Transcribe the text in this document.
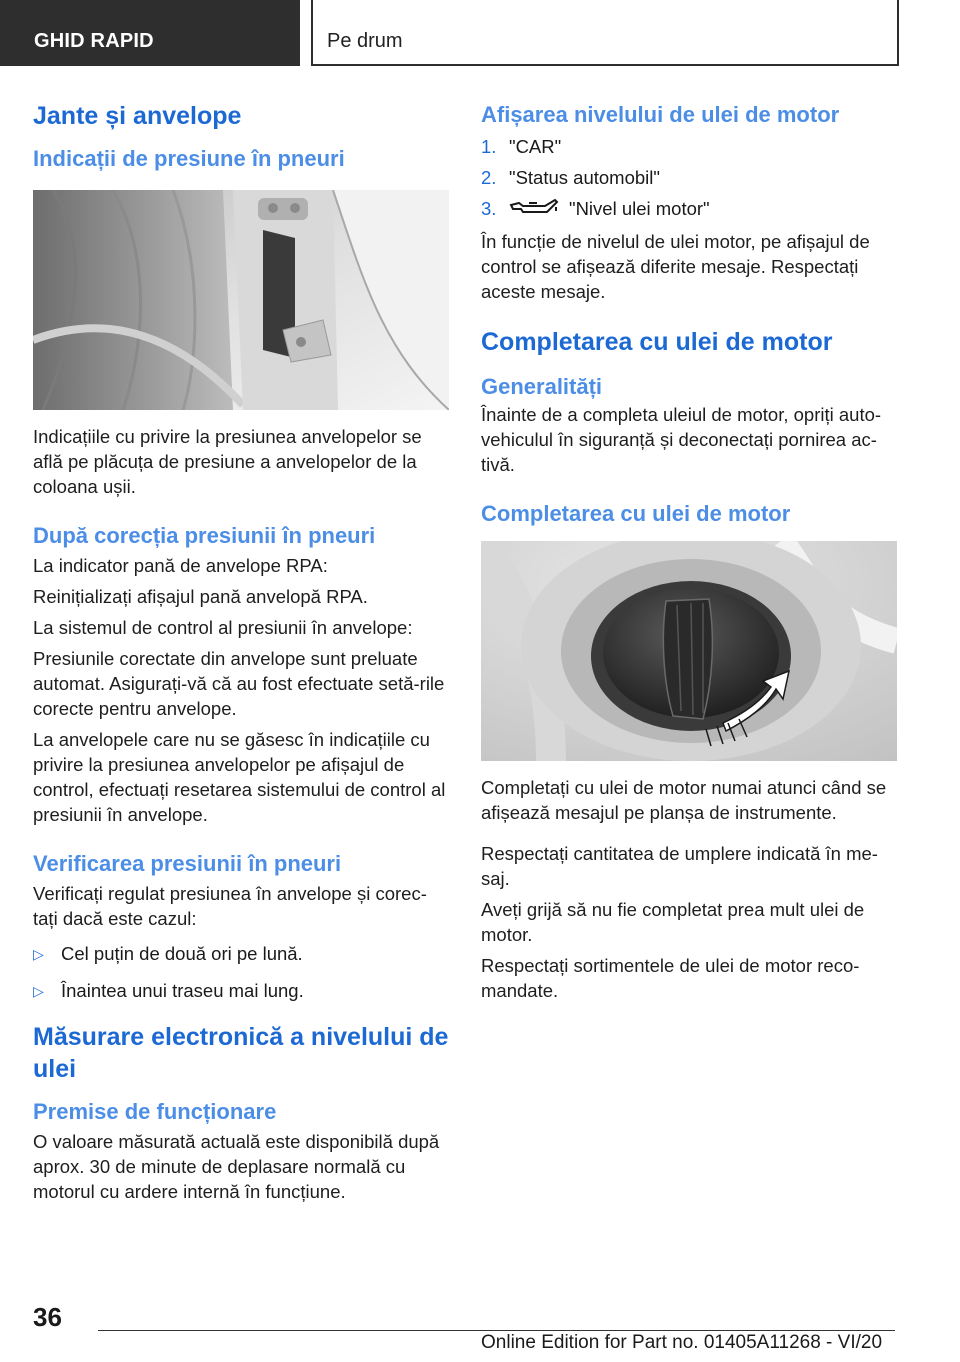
GHID RAPID	Pe drum
Jante și anvelope
Indicații de presiune în pneuri

Indicațiile cu privire la presiunea anvelopelor se află pe plăcuța de presiune a anvelopelor de la coloana ușii.

După corecția presiunii în pneuri

La indicator pană de anvelope RPA:

Reinițializați afișajul pană anvelopă RPA.

La sistemul de control al presiunii în anvelope:

Presiunile corectate din anvelope sunt preluate automat. Asigurați-vă că au fost efectuate setă-rile corecte pentru anvelope.

La anvelopele care nu se găsesc în indicațiile cu privire la presiunea anvelopelor pe afișajul de control, efectuați resetarea sistemului de control al presiunii în anvelope.

Verificarea presiunii în pneuri

Verificați regulat presiunea în anvelope și corec-tați dacă este cazul:

▷ Cel puțin de două ori pe lună.
▷ Înaintea unui traseu mai lung.
Măsurare electronică a nivelului de ulei
Premise de funcționare

O valoare măsurată actuală este disponibilă după aprox. 30 de minute de deplasare normală cu motorul cu ardere internă în funcțiune.

Afișarea nivelului de ulei de motor
1. "CAR"
2. "Status automobil"
3.	"Nivel ulei motor"

În funcție de nivelul de ulei motor, pe afișajul de control se afișează diferite mesaje. Respectați aceste mesaje.

Completarea cu ulei de motor
Generalități

Înainte de a completa uleiul de motor, opriți auto-vehiculul în siguranță și deconectați pornirea ac-tivă.

Completarea cu ulei de motor

Completați cu ulei de motor numai atunci când se afișează mesajul pe planșa de instrumente.

Respectați cantitatea de umplere indicată în me-saj.

Aveți grijă să nu fie completat prea mult ulei de motor.

Respectați sortimentele de ulei de motor reco-mandate.

36
Online Edition for Part no. 01405A11268 - VI/20
